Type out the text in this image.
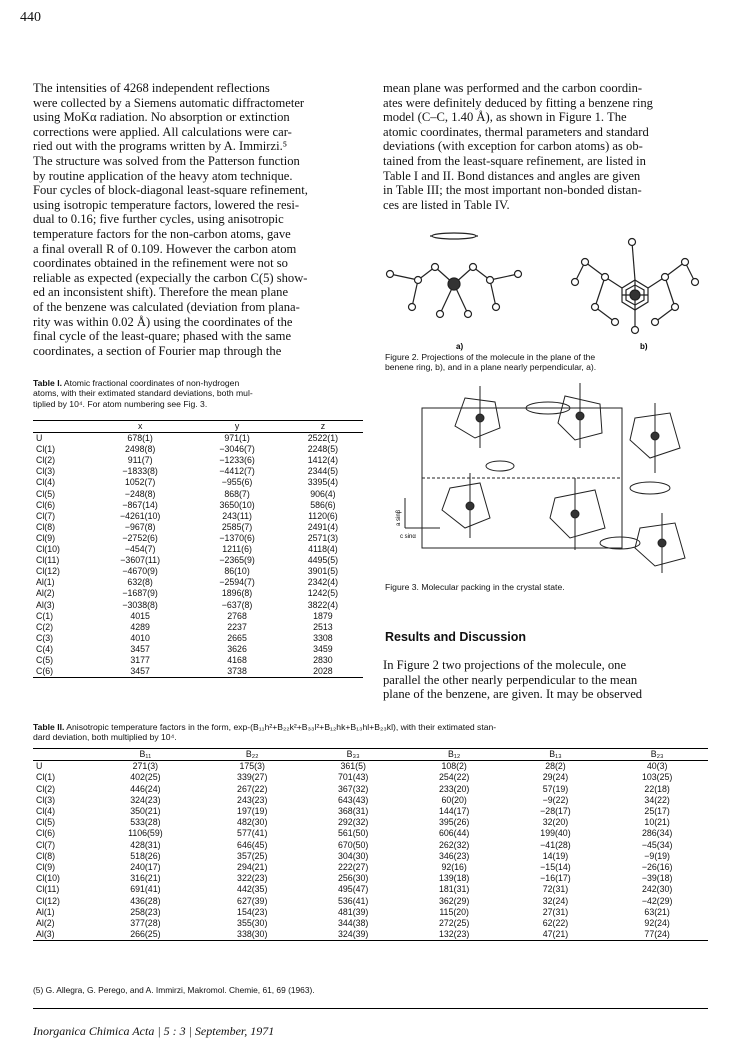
440
The intensities of 4268 independent reflections
were collected by a Siemens automatic diffractometer
using MoKα radiation. No absorption or extinction
corrections were applied. All calculations were car-
ried out with the programs written by A. Immirzi.⁵
The structure was solved from the Patterson function
by routine application of the heavy atom technique.
Four cycles of block-diagonal least-square refinement,
using isotropic temperature factors, lowered the resi-
dual to 0.16; five further cycles, using anisotropic
temperature factors for the non-carbon atoms, gave
a final overall R of 0.109. However the carbon atom
coordinates obtained in the refinement were not so
reliable as expected (expecially the carbon C(5) show-
ed an inconsistent shift). Therefore the mean plane
of the benzene was calculated (deviation from plana-
rity was within 0.02 Å) using the coordinates of the
final cycle of the least-quare; phased with the same
coordinates, a section of Fourier map through the
mean plane was performed and the carbon coordin-
ates were definitely deduced by fitting a benzene ring
model (C–C, 1.40 Å), as shown in Figure 1. The
atomic coordinates, thermal parameters and standard
deviations (with exception for carbon atoms) as ob-
tained from the least-square refinement, are listed in
Table I and II. Bond distances and angles are given
in Table III; the most important non-bonded distan-
ces are listed in Table IV.
a)	b)
Figure 2. Projections of the molecule in the plane of the
benene ring, b), and in a plane nearly perpendicular, a).
a sinβ
c sinα
Figure 3. Molecular packing in the crystal state.
Table I. Atomic fractional coordinates of non-hydrogen
atoms, with their extimated standard deviations, both mul-
tiplied by 10⁴. For atom numbering see Fig. 3.
	x	y	z
U	678(1)	971(1)	2522(1)
Cl(1)	2498(8)	−3046(7)	2248(5)
Cl(2)	911(7)	−1233(6)	1412(4)
Cl(3)	−1833(8)	−4412(7)	2344(5)
Cl(4)	1052(7)	−955(6)	3395(4)
Cl(5)	−248(8)	868(7)	906(4)
Cl(6)	−867(14)	3650(10)	586(6)
Cl(7)	−4261(10)	243(11)	1120(6)
Cl(8)	−967(8)	2585(7)	2491(4)
Cl(9)	−2752(6)	−1370(6)	2571(3)
Cl(10)	−454(7)	1211(6)	4118(4)
Cl(11)	−3607(11)	−2365(9)	4495(5)
Cl(12)	−4670(9)	86(10)	3901(5)
Al(1)	632(8)	−2594(7)	2342(4)
Al(2)	−1687(9)	1896(8)	1242(5)
Al(3)	−3038(8)	−637(8)	3822(4)
C(1)	4015	2768	1879
C(2)	4289	2237	2513
C(3)	4010	2665	3308
C(4)	3457	3626	3459
C(5)	3177	4168	2830
C(6)	3457	3738	2028
Results and Discussion
In Figure 2 two projections of the molecule, one
parallel the other nearly perpendicular to the mean
plane of the benzene, are given. It may be observed
Table II. Anisotropic temperature factors in the form, exp-(B₁₁h²+B₂₂k²+B₃₃l²+B₁₂hk+B₁₃hl+B₂₃kl), with their extimated stan-
dard deviation, both multiplied by 10⁴.
	B₁₁	B₂₂	B₃₃	B₁₂	B₁₃	B₂₃
U	271(3)	175(3)	361(5)	108(2)	28(2)	40(3)
Cl(1)	402(25)	339(27)	701(43)	254(22)	29(24)	103(25)
Cl(2)	446(24)	267(22)	367(32)	233(20)	57(19)	22(18)
Cl(3)	324(23)	243(23)	643(43)	60(20)	−9(22)	34(22)
Cl(4)	350(21)	197(19)	368(31)	144(17)	−28(17)	25(17)
Cl(5)	533(28)	482(30)	292(32)	395(26)	32(20)	10(21)
Cl(6)	1106(59)	577(41)	561(50)	606(44)	199(40)	286(34)
Cl(7)	428(31)	646(45)	670(50)	262(32)	−41(28)	−45(34)
Cl(8)	518(26)	357(25)	304(30)	346(23)	14(19)	−9(19)
Cl(9)	240(17)	294(21)	222(27)	92(16)	−15(14)	−26(16)
Cl(10)	316(21)	322(23)	256(30)	139(18)	−16(17)	−39(18)
Cl(11)	691(41)	442(35)	495(47)	181(31)	72(31)	242(30)
Cl(12)	436(28)	627(39)	536(41)	362(29)	32(24)	−42(29)
Al(1)	258(23)	154(23)	481(39)	115(20)	27(31)	63(21)
Al(2)	377(28)	355(30)	344(38)	272(25)	62(22)	92(24)
Al(3)	266(25)	338(30)	324(39)	132(23)	47(21)	77(24)
(5) G. Allegra, G. Perego, and A. Immirzi, Makromol. Chemie, 61, 69 (1963).
Inorganica Chimica Acta | 5 : 3 | September, 1971
